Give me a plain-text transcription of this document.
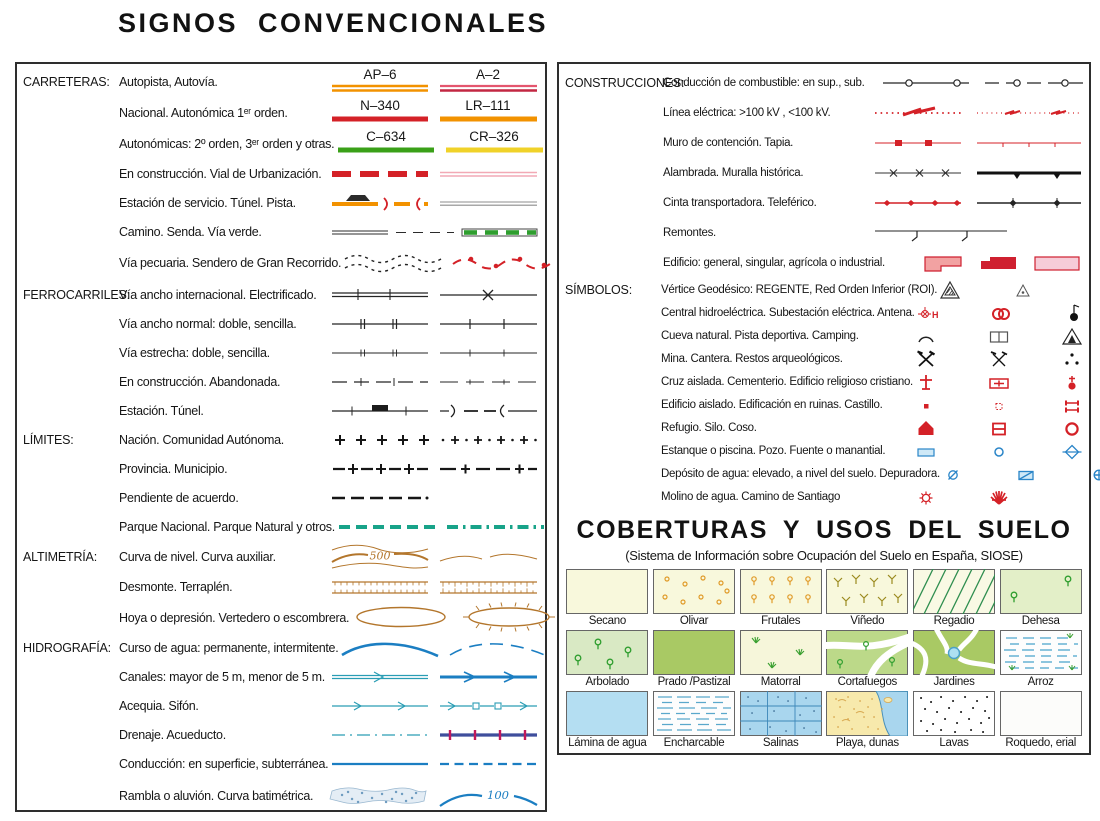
SIGNOS CONVENCIONALES
CARRETERAS: Autopista, Autovía.	AP–6	A–2
Nacional. Autonómica 1ᵉʳ orden.	N–340	LR–111
Autonómicas: 2º orden, 3ᵉʳ orden y otras. C–634	CR–326
En construcción. Vial de Urbanización.
Estación de servicio. Túnel. Pista.
Camino. Senda. Vía verde.
Vía pecuaria. Sendero de Gran Recorrido.
FERROCARRILES:
Vía ancho internacional. Electrificado.
Vía ancho normal: doble, sencilla.
Vía estrecha: doble, sencilla.
En construcción. Abandonada.
Estación. Túnel.
LÍMITES:	Nación. Comunidad Autónoma.
Provincia. Municipio.
Pendiente de acuerdo.
Parque Nacional. Parque Natural y otros.
ALTIMETRÍA:	Curva de nivel. Curva auxiliar.	500
Desmonte. Terraplén.
Hoya o depresión. Vertedero o escombrera.
HIDROGRAFÍA: Curso de agua: permanente, intermitente.
Canales: mayor de 5 m, menor de 5 m.
Acequia. Sifón.
Drenaje. Acueducto.
Conducción: en superficie, subterránea.
Rambla o aluvión. Curva batimétrica.	100
CONSTRUCCIONES:
Conducción de combustible: en sup., sub.
Línea eléctrica: >100 kV , <100 kV.
Muro de contención. Tapia.
Alambrada. Muralla histórica.
Cinta transportadora. Teleférico.
Remontes.
Edificio: general, singular, agrícola o industrial.
SÍMBOLOS:	Vértice Geodésico: REGENTE, Red Orden Inferior (ROI).
Central hidroeléctrica. Subestación eléctrica. Antena. H
Cueva natural. Pista deportiva. Camping.
Mina. Cantera. Restos arqueológicos.
Cruz aislada. Cementerio. Edificio religioso cristiano.
Edificio aislado. Edificación en ruinas. Castillo.
Refugio. Silo. Coso.
Estanque o piscina. Pozo. Fuente o manantial.
Depósito de agua: elevado, a nivel del suelo. Depuradora.
Molino de agua. Camino de Santiago
COBERTURAS Y USOS DEL SUELO
(Sistema de Información sobre Ocupación del Suelo en España, SIOSE)
Secano	Olivar	Frutales	Viñedo	Regadio	Dehesa
Arbolado	Prado /Pastizal	Matorral	Cortafuegos	Jardines	Arroz
Lámina de agua	Encharcable	Salinas	Playa, dunas	Lavas	Roquedo, erial
